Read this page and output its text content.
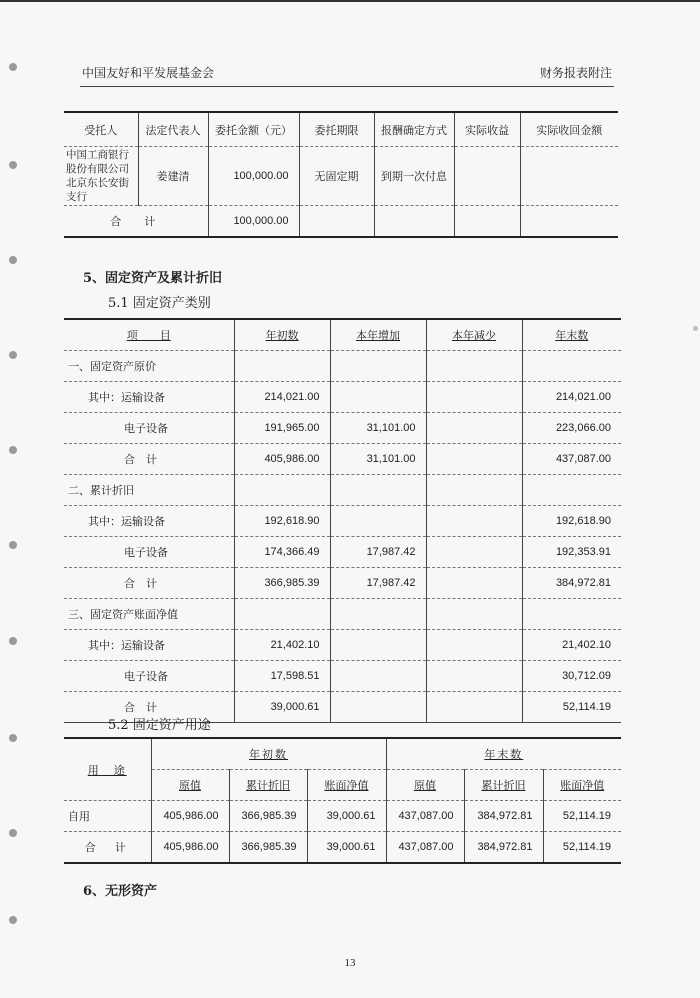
中国友好和平发展基金会	财务报表附注
受托人	法定代表人	委托金额（元）	委托期限	报酬确定方式	实际收益	实际收回金额
中国工商银行股份有限公司北京东长安街支行	姜建清	100,000.00	无固定期	到期一次付息		
合　计		100,000.00				
5、固定资产及累计折旧
5.1 固定资产类别
项　　目	年初数	本年增加	本年减少	年末数
一、固定资产原价				
其中：运输设备	214,021.00			214,021.00
电子设备	191,965.00	31,101.00		223,066.00
合　计	405,986.00	31,101.00		437,087.00
二、累计折旧				
其中：运输设备	192,618.90			192,618.90
电子设备	174,366.49	17,987.42		192,353.91
合　计	366,985.39	17,987.42		384,972.81
三、固定资产账面净值				
其中：运输设备	21,402.10			21,402.10
电子设备	17,598.51			30,712.09
合　计	39,000.61			52,114.19
5.2 固定资产用途
用　途	年初数			年末数		
	原值	累计折旧	账面净值	原值	累计折旧	账面净值
自用	405,986.00	366,985.39	39,000.61	437,087.00	384,972.81	52,114.19
合　计	405,986.00	366,985.39	39,000.61	437,087.00	384,972.81	52,114.19
6、无形资产
13
